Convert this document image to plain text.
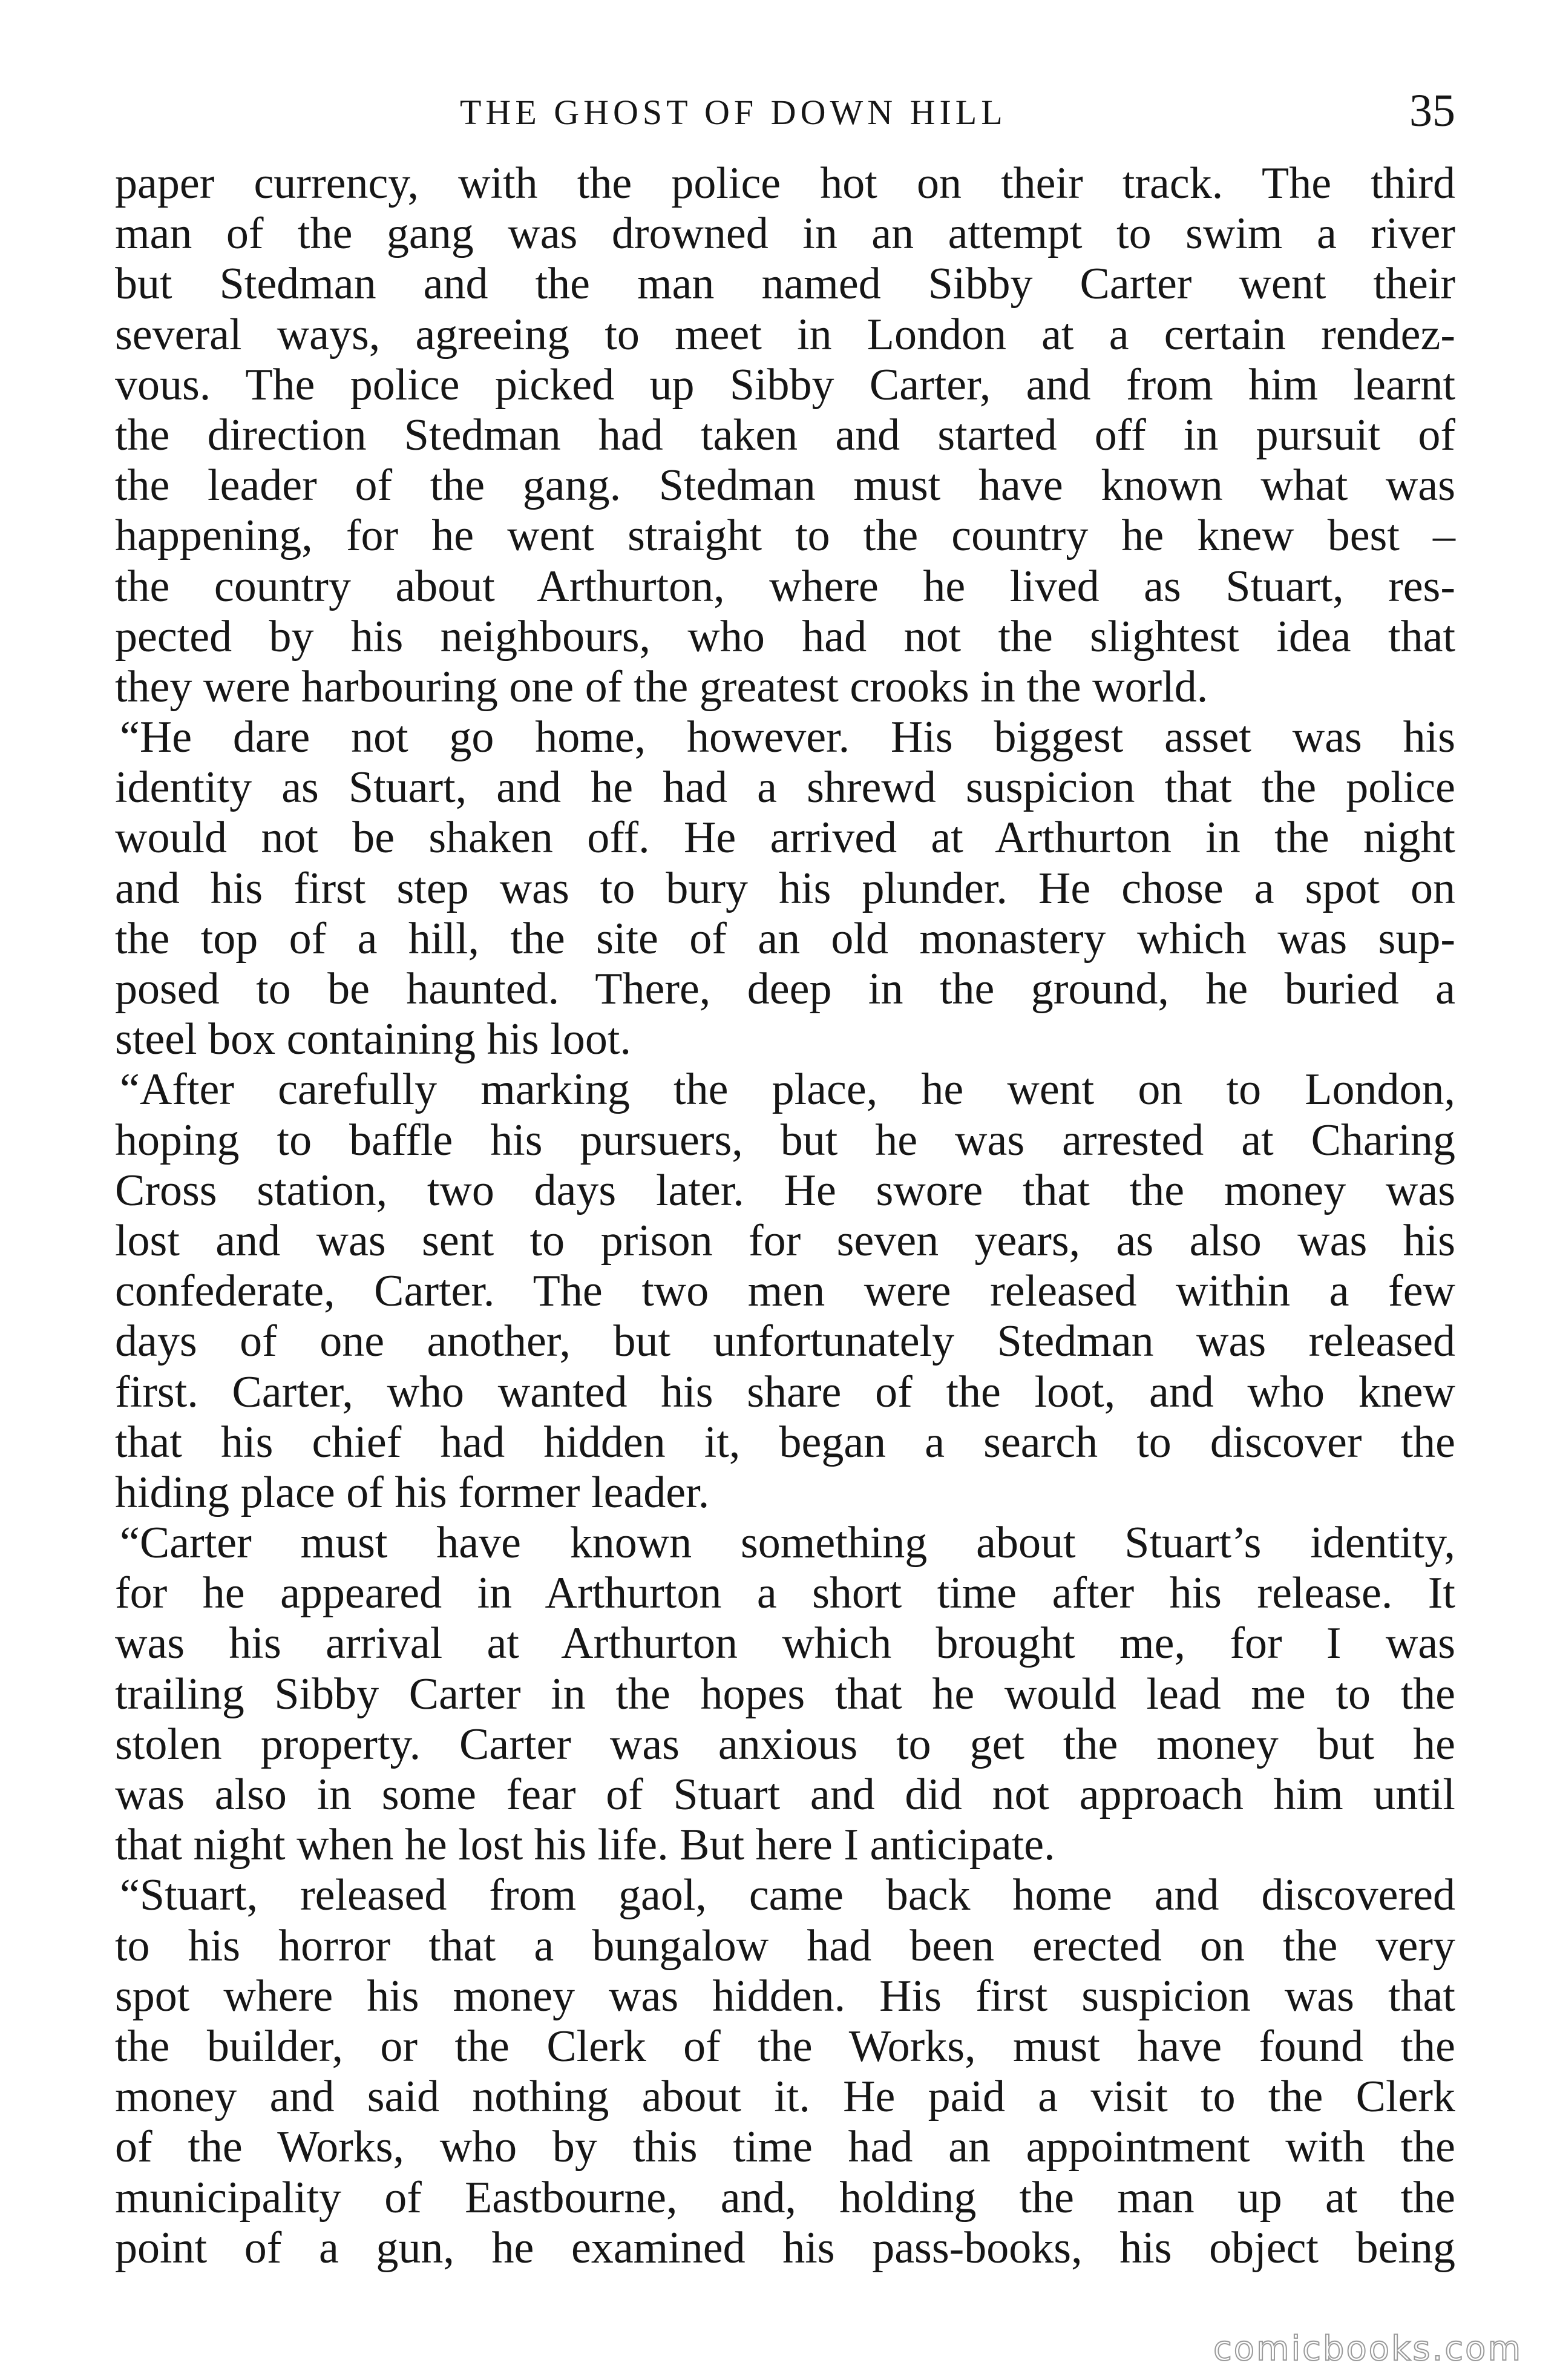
THE GHOST OF DOWN HILL	35
paper currency, with the police hot on their track. The third
man of the gang was drowned in an attempt to swim a river
but Stedman and the man named Sibby Carter went their
several ways, agreeing to meet in London at a certain rendez-
vous. The police picked up Sibby Carter, and from him learnt
the direction Stedman had taken and started off in pursuit of
the leader of the gang. Stedman must have known what was
happening, for he went straight to the country he knew best –
the country about Arthurton, where he lived as Stuart, res-
pected by his neighbours, who had not the slightest idea that
they were harbouring one of the greatest crooks in the world.
“He dare not go home, however. His biggest asset was his
identity as Stuart, and he had a shrewd suspicion that the police
would not be shaken off. He arrived at Arthurton in the night
and his first step was to bury his plunder. He chose a spot on
the top of a hill, the site of an old monastery which was sup-
posed to be haunted. There, deep in the ground, he buried a
steel box containing his loot.
“After carefully marking the place, he went on to London,
hoping to baffle his pursuers, but he was arrested at Charing
Cross station, two days later. He swore that the money was
lost and was sent to prison for seven years, as also was his
confederate, Carter. The two men were released within a few
days of one another, but unfortunately Stedman was released
first. Carter, who wanted his share of the loot, and who knew
that his chief had hidden it, began a search to discover the
hiding place of his former leader.
“Carter must have known something about Stuart’s identity,
for he appeared in Arthurton a short time after his release. It
was his arrival at Arthurton which brought me, for I was
trailing Sibby Carter in the hopes that he would lead me to the
stolen property. Carter was anxious to get the money but he
was also in some fear of Stuart and did not approach him until
that night when he lost his life. But here I anticipate.
“Stuart, released from gaol, came back home and discovered
to his horror that a bungalow had been erected on the very
spot where his money was hidden. His first suspicion was that
the builder, or the Clerk of the Works, must have found the
money and said nothing about it. He paid a visit to the Clerk
of the Works, who by this time had an appointment with the
municipality of Eastbourne, and, holding the man up at the
point of a gun, he examined his pass-books, his object being
comicbooks.com
